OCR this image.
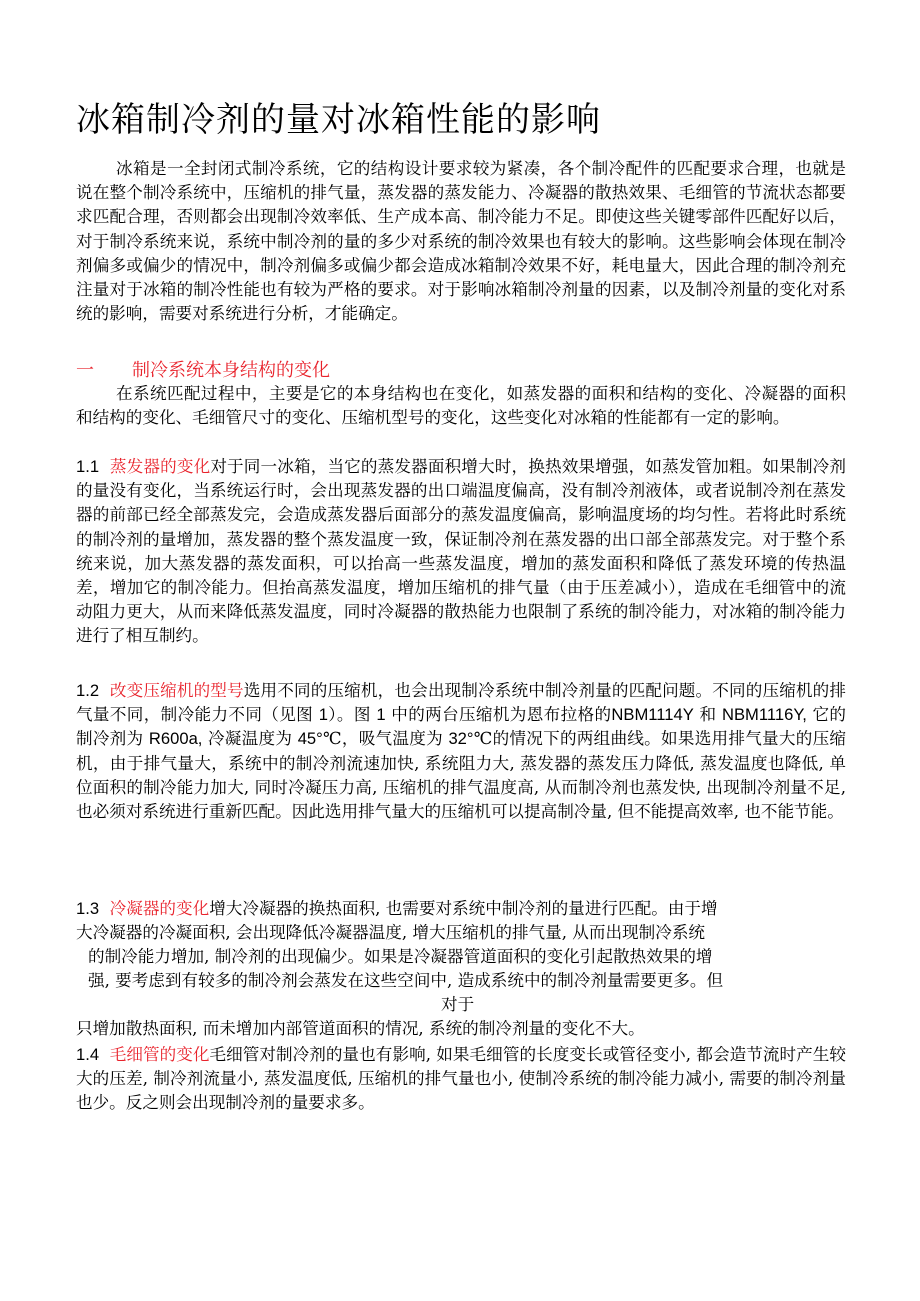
冰箱制冷剂的量对冰箱性能的影响

冰箱是一全封闭式制冷系统，它的结构设计要求较为紧凑，各个制冷配件的匹配要求合理，也就是说在整个制冷系统中，压缩机的排气量，蒸发器的蒸发能力、冷凝器的散热效果、毛细管的节流状态都要求匹配合理，否则都会出现制冷效率低、生产成本高、制冷能力不足。即使这些关键零部件匹配好以后，对于制冷系统来说，系统中制冷剂的量的多少对系统的制冷效果也有较大的影响。这些影响会体现在制冷剂偏多或偏少的情况中，制冷剂偏多或偏少都会造成冰箱制冷效果不好，耗电量大，因此合理的制冷剂充注量对于冰箱的制冷性能也有较为严格的要求。对于影响冰箱制冷剂量的因素，以及制冷剂量的变化对系统的影响，需要对系统进行分析，才能确定。

一 制冷系统本身结构的变化

在系统匹配过程中，主要是它的本身结构也在变化，如蒸发器的面积和结构的变化、冷凝器的面积和结构的变化、毛细管尺寸的变化、压缩机型号的变化，这些变化对冰箱的性能都有一定的影响。

1.1 蒸发器的变化对于同一冰箱，当它的蒸发器面积增大时，换热效果增强，如蒸发管加粗。如果制冷剂的量没有变化，当系统运行时，会出现蒸发器的出口端温度偏高，没有制冷剂液体，或者说制冷剂在蒸发器的前部已经全部蒸发完，会造成蒸发器后面部分的蒸发温度偏高，影响温度场的均匀性。若将此时系统的制冷剂的量增加，蒸发器的整个蒸发温度一致，保证制冷剂在蒸发器的出口部全部蒸发完。对于整个系统来说，加大蒸发器的蒸发面积，可以抬高一些蒸发温度，增加的蒸发面积和降低了蒸发环境的传热温差，增加它的制冷能力。但抬高蒸发温度，增加压缩机的排气量（由于压差减小），造成在毛细管中的流动阻力更大，从而来降低蒸发温度，同时冷凝器的散热能力也限制了系统的制冷能力，对冰箱的制冷能力进行了相互制约。

1.2 改变压缩机的型号选用不同的压缩机，也会出现制冷系统中制冷剂量的匹配问题。不同的压缩机的排气量不同，制冷能力不同（见图 1）。图 1 中的两台压缩机为恩布拉格的NBM1114Y 和 NBM1116Y, 它的制冷剂为 R600a, 冷凝温度为 45°℃，吸气温度为 32°℃的情况下的两组曲线。如果选用排气量大的压缩机，由于排气量大，系统中的制冷剂流速加快, 系统阻力大, 蒸发器的蒸发压力降低, 蒸发温度也降低, 单位面积的制冷能力加大, 同时冷凝压力高, 压缩机的排气温度高, 从而制冷剂也蒸发快, 出现制冷剂量不足, 也必须对系统进行重新匹配。因此选用排气量大的压缩机可以提高制冷量, 但不能提高效率, 也不能节能。

1.3 冷凝器的变化增大冷凝器的换热面积, 也需要对系统中制冷剂的量进行匹配。由于增
大冷凝器的冷凝面积, 会出现降低冷凝器温度, 增大压缩机的排气量, 从而出现制冷系统
的制冷能力增加, 制冷剂的出现偏少。如果是冷凝器管道面积的变化引起散热效果的增
强, 要考虑到有较多的制冷剂会蒸发在这些空间中, 造成系统中的制冷剂量需要更多。但
对于
只增加散热面积, 而未增加内部管道面积的情况, 系统的制冷剂量的变化不大。

1.4 毛细管的变化毛细管对制冷剂的量也有影响, 如果毛细管的长度变长或管径变小, 都会造节流时产生较大的压差, 制冷剂流量小, 蒸发温度低, 压缩机的排气量也小, 使制冷系统的制冷能力减小, 需要的制冷剂量也少。反之则会出现制冷剂的量要求多。
